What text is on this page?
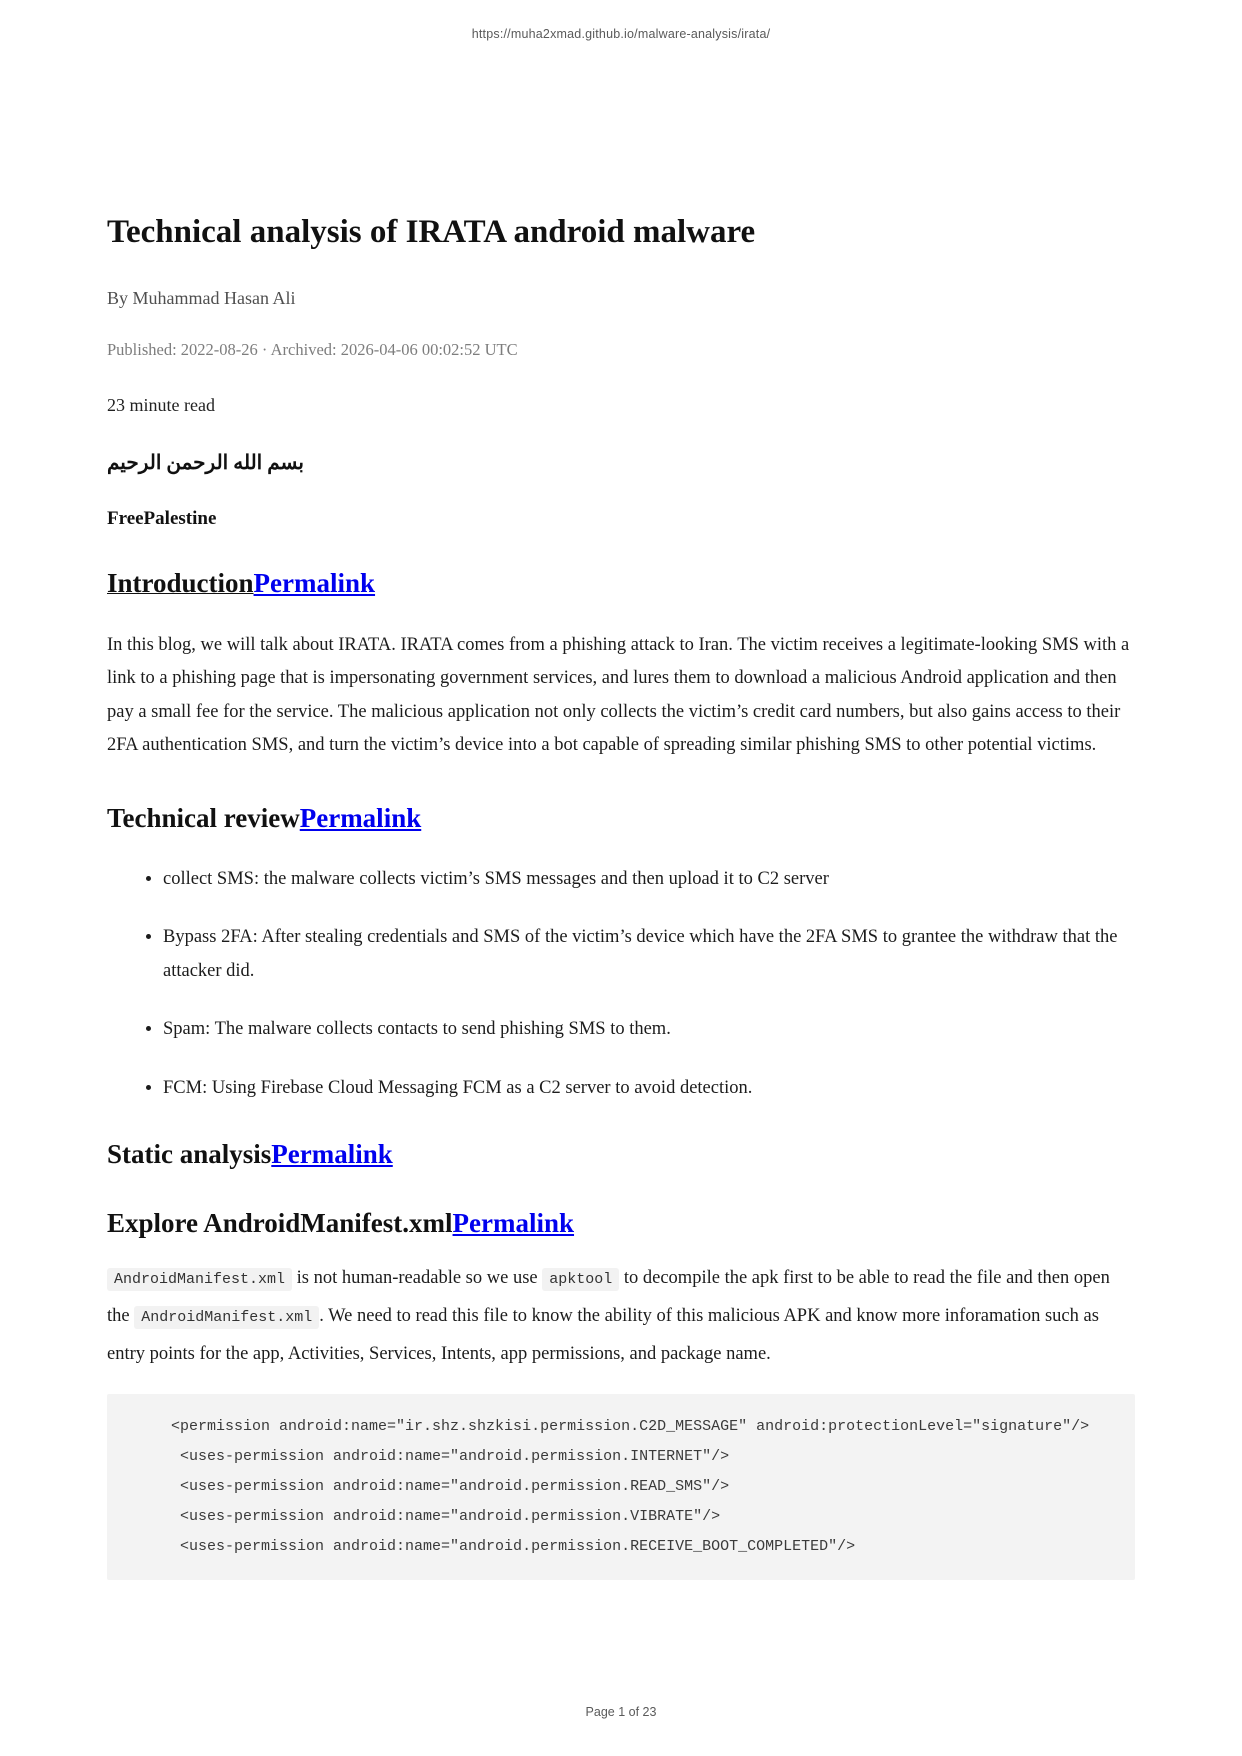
https://muha2xmad.github.io/malware-analysis/irata/
Technical analysis of IRATA android malware
By Muhammad Hasan Ali
Published: 2022-08-26 · Archived: 2026-04-06 00:02:52 UTC
23 minute read
بسم الله الرحمن الرحيم
FreePalestine
IntroductionPermalink

In this blog, we will talk about IRATA. IRATA comes from a phishing attack to Iran. The victim receives a legitimate-looking SMS with a link to a phishing page that is impersonating government services, and lures them to download a malicious Android application and then pay a small fee for the service. The malicious application not only collects the victim’s credit card numbers, but also gains access to their 2FA authentication SMS, and turn the victim’s device into a bot capable of spreading similar phishing SMS to other potential victims.

Technical reviewPermalink
• collect SMS: the malware collects victim’s SMS messages and then upload it to C2 server
• Bypass 2FA: After stealing credentials and SMS of the victim’s device which have the 2FA SMS to grantee the withdraw that the attacker did.
• Spam: The malware collects contacts to send phishing SMS to them.
• FCM: Using Firebase Cloud Messaging FCM as a C2 server to avoid detection.
Static analysisPermalink
Explore AndroidManifest.xmlPermalink

AndroidManifest.xml is not human-readable so we use apktool to decompile the apk first to be able to read the file and then open the AndroidManifest.xml . We need to read this file to know the ability of this malicious APK and know more inforamation such as entry points for the app, Activities, Services, Intents, app permissions, and package name.

<permission android:name="ir.shz.shzkisi.permission.C2D_MESSAGE" android:protectionLevel="signature"/>
<uses-permission android:name="android.permission.INTERNET"/>
<uses-permission android:name="android.permission.READ_SMS"/>
<uses-permission android:name="android.permission.VIBRATE"/>
<uses-permission android:name="android.permission.RECEIVE_BOOT_COMPLETED"/>
Page 1 of 23
